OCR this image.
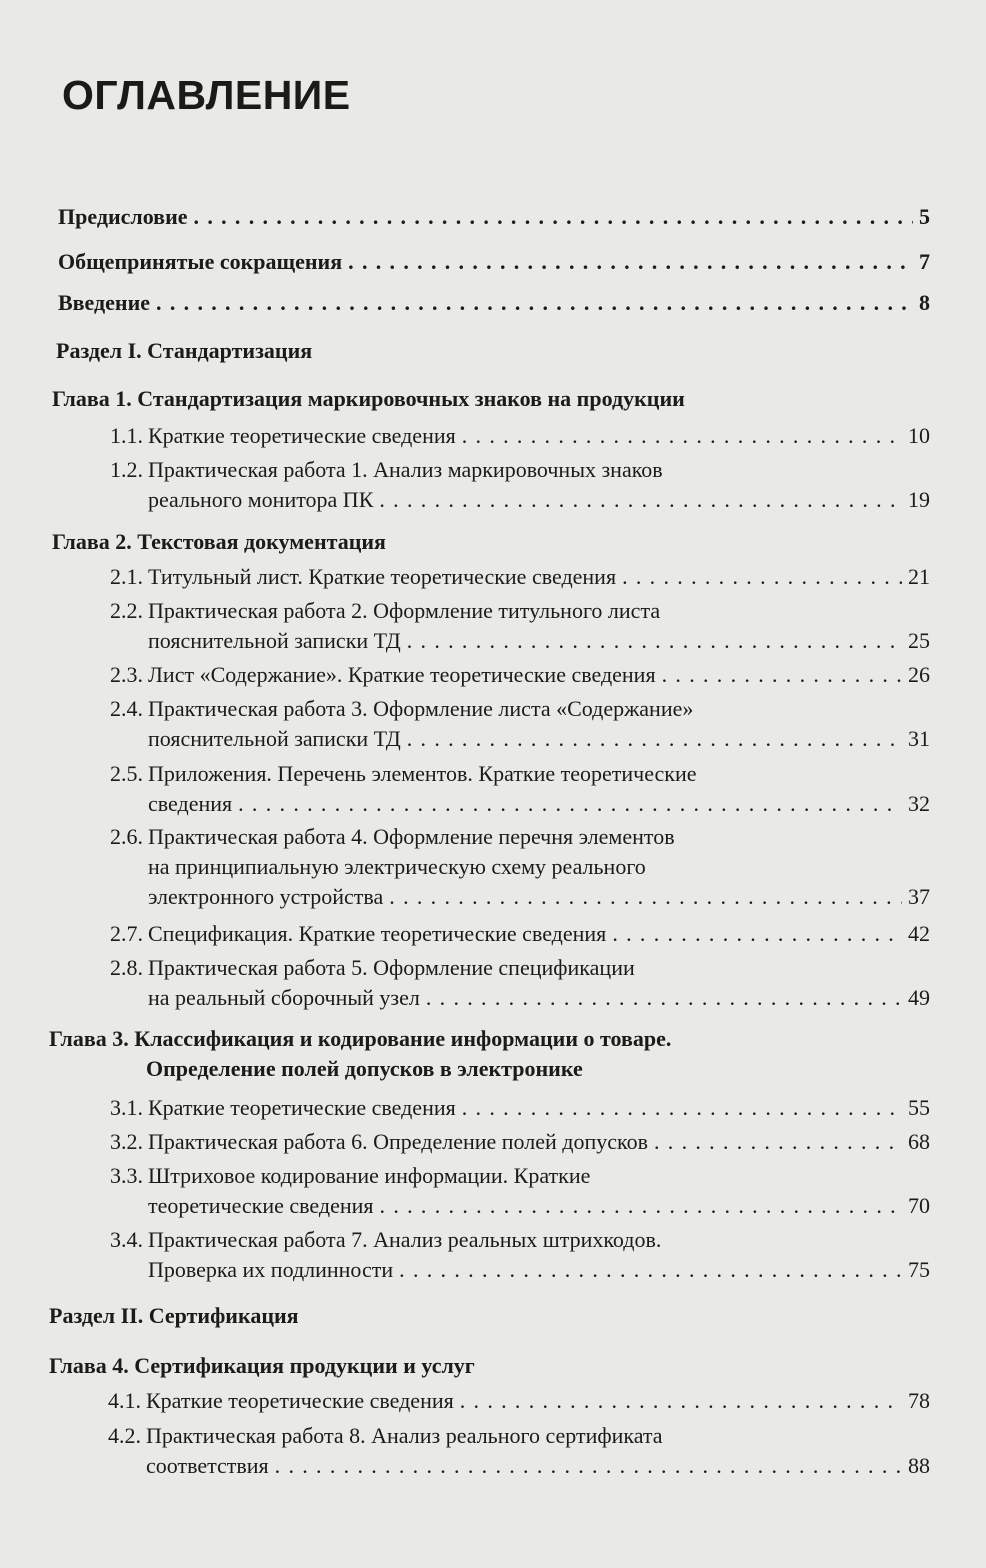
ОГЛАВЛЕНИЕ
Предисловие . . .	5
Общепринятые сокращения . . .	7
Введение . . .	8
Раздел I. Стандартизация
Глава 1. Стандартизация маркировочных знаков на продукции
1.1. Краткие теоретические сведения . . .	10
1.2. Практическая работа 1. Анализ маркировочных знаков
реального монитора ПК . . .	19
Глава 2. Текстовая документация
2.1. Титульный лист. Краткие теоретические сведения . . .	21
2.2. Практическая работа 2. Оформление титульного листа
пояснительной записки ТД . . .	25
2.3. Лист «Содержание». Краткие теоретические сведения . . .	26
2.4. Практическая работа 3. Оформление листа «Содержание»
пояснительной записки ТД . . .	31
2.5. Приложения. Перечень элементов. Краткие теоретические
сведения . . .	32
2.6. Практическая работа 4. Оформление перечня элементов
на принципиальную электрическую схему реального
электронного устройства . . .	37
2.7. Спецификация. Краткие теоретические сведения . . .	42
2.8. Практическая работа 5. Оформление спецификации
на реальный сборочный узел . . .	49
Глава 3. Классификация и кодирование информации о товаре.
Определение полей допусков в электронике
3.1. Краткие теоретические сведения . . .	55
3.2. Практическая работа 6. Определение полей допусков . . .	68
3.3. Штриховое кодирование информации. Краткие
теоретические сведения . . .	70
3.4. Практическая работа 7. Анализ реальных штрихкодов.
Проверка их подлинности . . .	75
Раздел II. Сертификация
Глава 4. Сертификация продукции и услуг
4.1. Краткие теоретические сведения . . .	78
4.2. Практическая работа 8. Анализ реального сертификата
соответствия . . .	88
